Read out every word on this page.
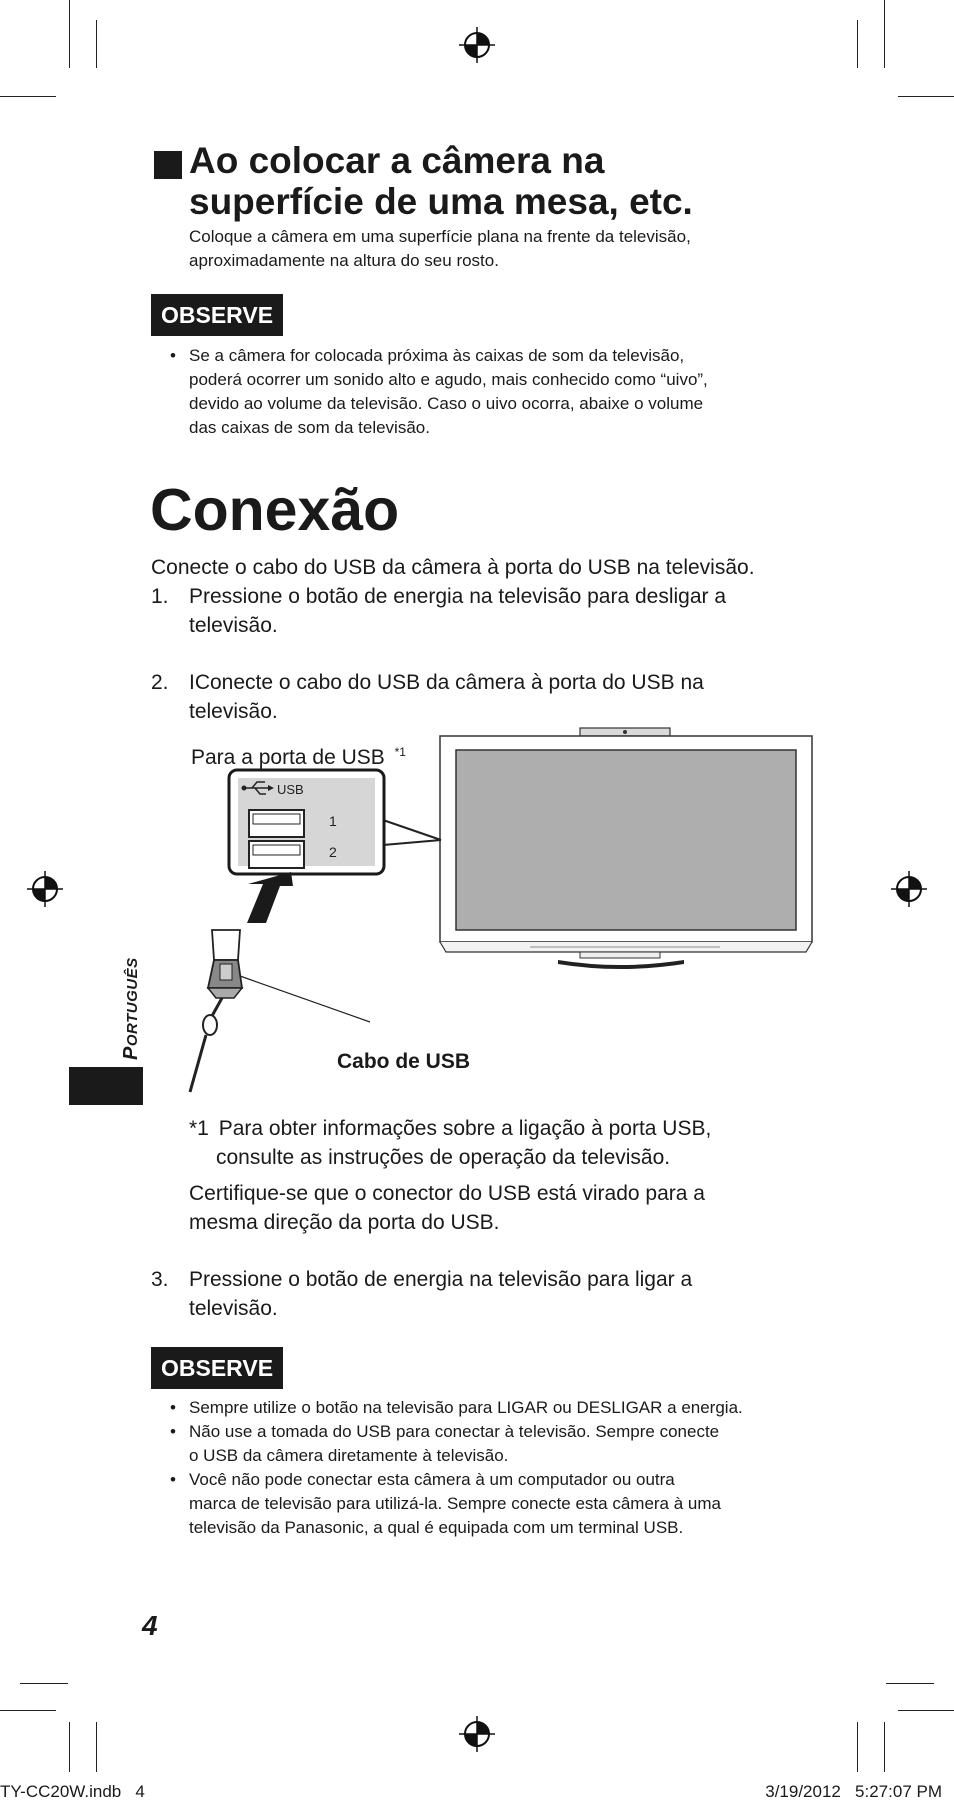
Ao colocar a câmera na
superfície de uma mesa, etc.
Coloque a câmera em uma superfície plana na frente da televisão,
aproximadamente na altura do seu rosto.
OBSERVE
• Se a câmera for colocada próxima às caixas de som da televisão,
poderá ocorrer um sonido alto e agudo, mais conhecido como “uivo”,
devido ao volume da televisão. Caso o uivo ocorra, abaixe o volume
das caixas de som da televisão.
Conexão
Conecte o cabo do USB da câmera à porta do USB na televisão.
1. Pressione o botão de energia na televisão para desligar a
televisão.
2. IConecte o cabo do USB da câmera à porta do USB na
televisão.
Para a porta de USB $^{*1}$
USB
1
2
Cabo de USB
PORTUGUÊS
*1 Para obter informações sobre a ligação à porta USB,
consulte as instruções de operação da televisão.
Certifique-se que o conector do USB está virado para a
mesma direção da porta do USB.
3. Pressione o botão de energia na televisão para ligar a
televisão.
OBSERVE
• Sempre utilize o botão na televisão para LIGAR ou DESLIGAR a energia.
• Não use a tomada do USB para conectar à televisão. Sempre conecte
o USB da câmera diretamente à televisão.
• Você não pode conectar esta câmera à um computador ou outra
marca de televisão para utilizá-la. Sempre conecte esta câmera à uma
televisão da Panasonic, a qual é equipada com um terminal USB.
4
TY-CC20W.indb   4	3/19/2012   5:27:07 PM
